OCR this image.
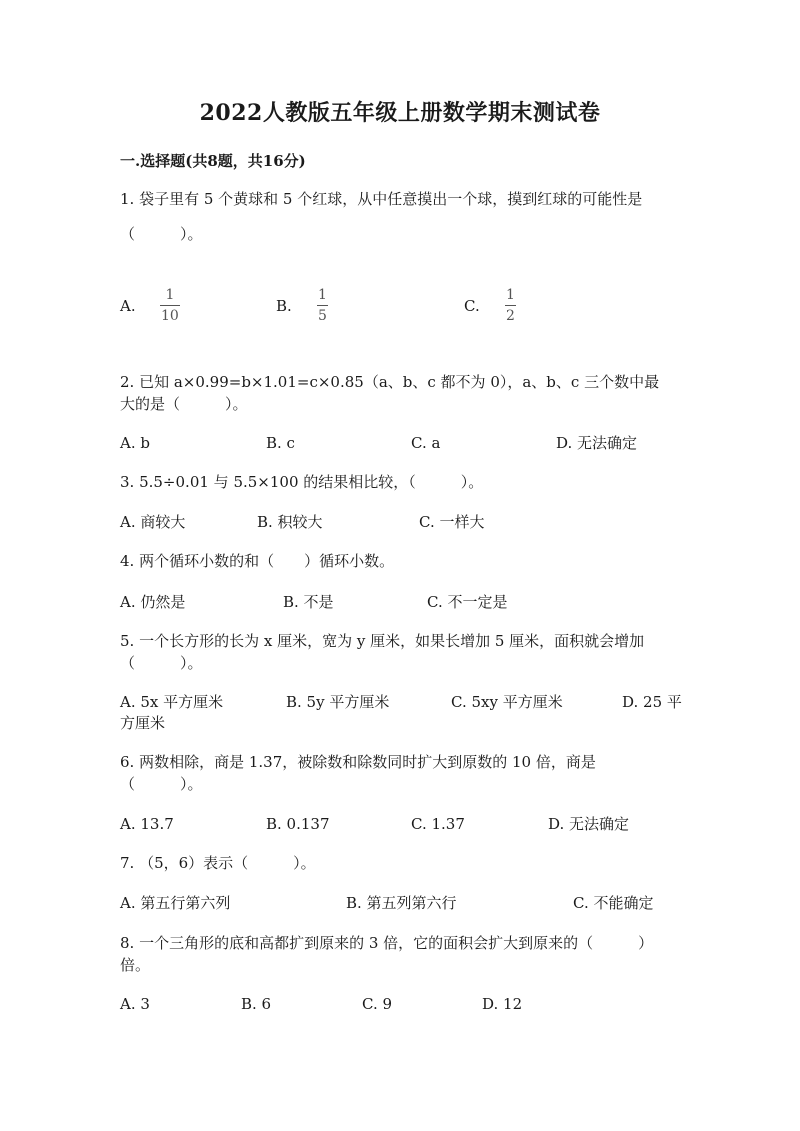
2022人教版五年级上册数学期末测试卷
一.选择题(共8题，共16分)
1. 袋子里有 5 个黄球和 5 个红球，从中任意摸出一个球，摸到红球的可能性是
（　　　）。
A.
1
10
B.
1
5
C.
1
2
2. 已知 a×0.99=b×1.01=c×0.85（a、b、c 都不为 0），a、b、c 三个数中最
大的是（　　　）。
A. b	B. c	C. a	D. 无法确定
3. 5.5÷0.01 与 5.5×100 的结果相比较，（　　　）。
A. 商较大	B. 积较大	C. 一样大
4. 两个循环小数的和（　　）循环小数。
A. 仍然是	B. 不是	C. 不一定是
5. 一个长方形的长为 x 厘米，宽为 y 厘米，如果长增加 5 厘米，面积就会增加
（　　　）。
A. 5x 平方厘米	B. 5y 平方厘米	C. 5xy 平方厘米	D. 25 平
方厘米
6. 两数相除，商是 1.37，被除数和除数同时扩大到原数的 10 倍，商是
（　　　）。
A. 13.7	B. 0.137	C. 1.37	D. 无法确定
7. （5，6）表示（　　　）。
A. 第五行第六列	B. 第五列第六行	C. 不能确定
8. 一个三角形的底和高都扩到原来的 3 倍，它的面积会扩大到原来的（　　　）
倍。
A. 3	B. 6	C. 9	D. 12
